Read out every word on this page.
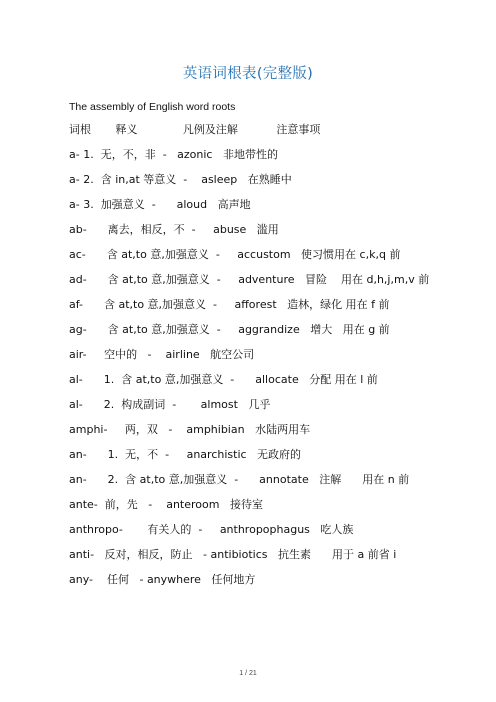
英语词根表(完整版)
The assembly of English word roots
词根       释义             凡例及注解           注意事项
a- 1.  无，不，非  -   azonic   非地带性的
a- 2.  含 in,at 等意义  -    asleep   在熟睡中
a- 3.  加强意义  -      aloud   高声地
ab-      离去，相反，不  -     abuse   滥用
ac-      含 at,to 意,加强意义  -     accustom   使习惯用在 c,k,q 前
ad-      含 at,to 意,加强意义  -     adventure   冒险    用在 d,h,j,m,v 前
af-      含 at,to 意,加强意义  -     afforest   造林，绿化 用在 f 前
ag-      含 at,to 意,加强意义  -     aggrandize   增大   用在 g 前
air-     空中的   -    airline   航空公司
al-      1.  含 at,to 意,加强意义  -      allocate   分配 用在 l 前
al-      2.  构成副词  -       almost   几乎
amphi-     两，双   -    amphibian   水陆两用车
an-      1.  无，不  -     anarchistic   无政府的
an-      2.  含 at,to 意,加强意义  -      annotate   注解      用在 n 前
ante-  前，先   -    anteroom   接待室
anthropo-       有关人的  -     anthropophagus   吃人族
anti-   反对，相反，防止   - antibiotics   抗生素      用于 a 前省 i
any-    任何   - anywhere   任何地方
1 / 21
